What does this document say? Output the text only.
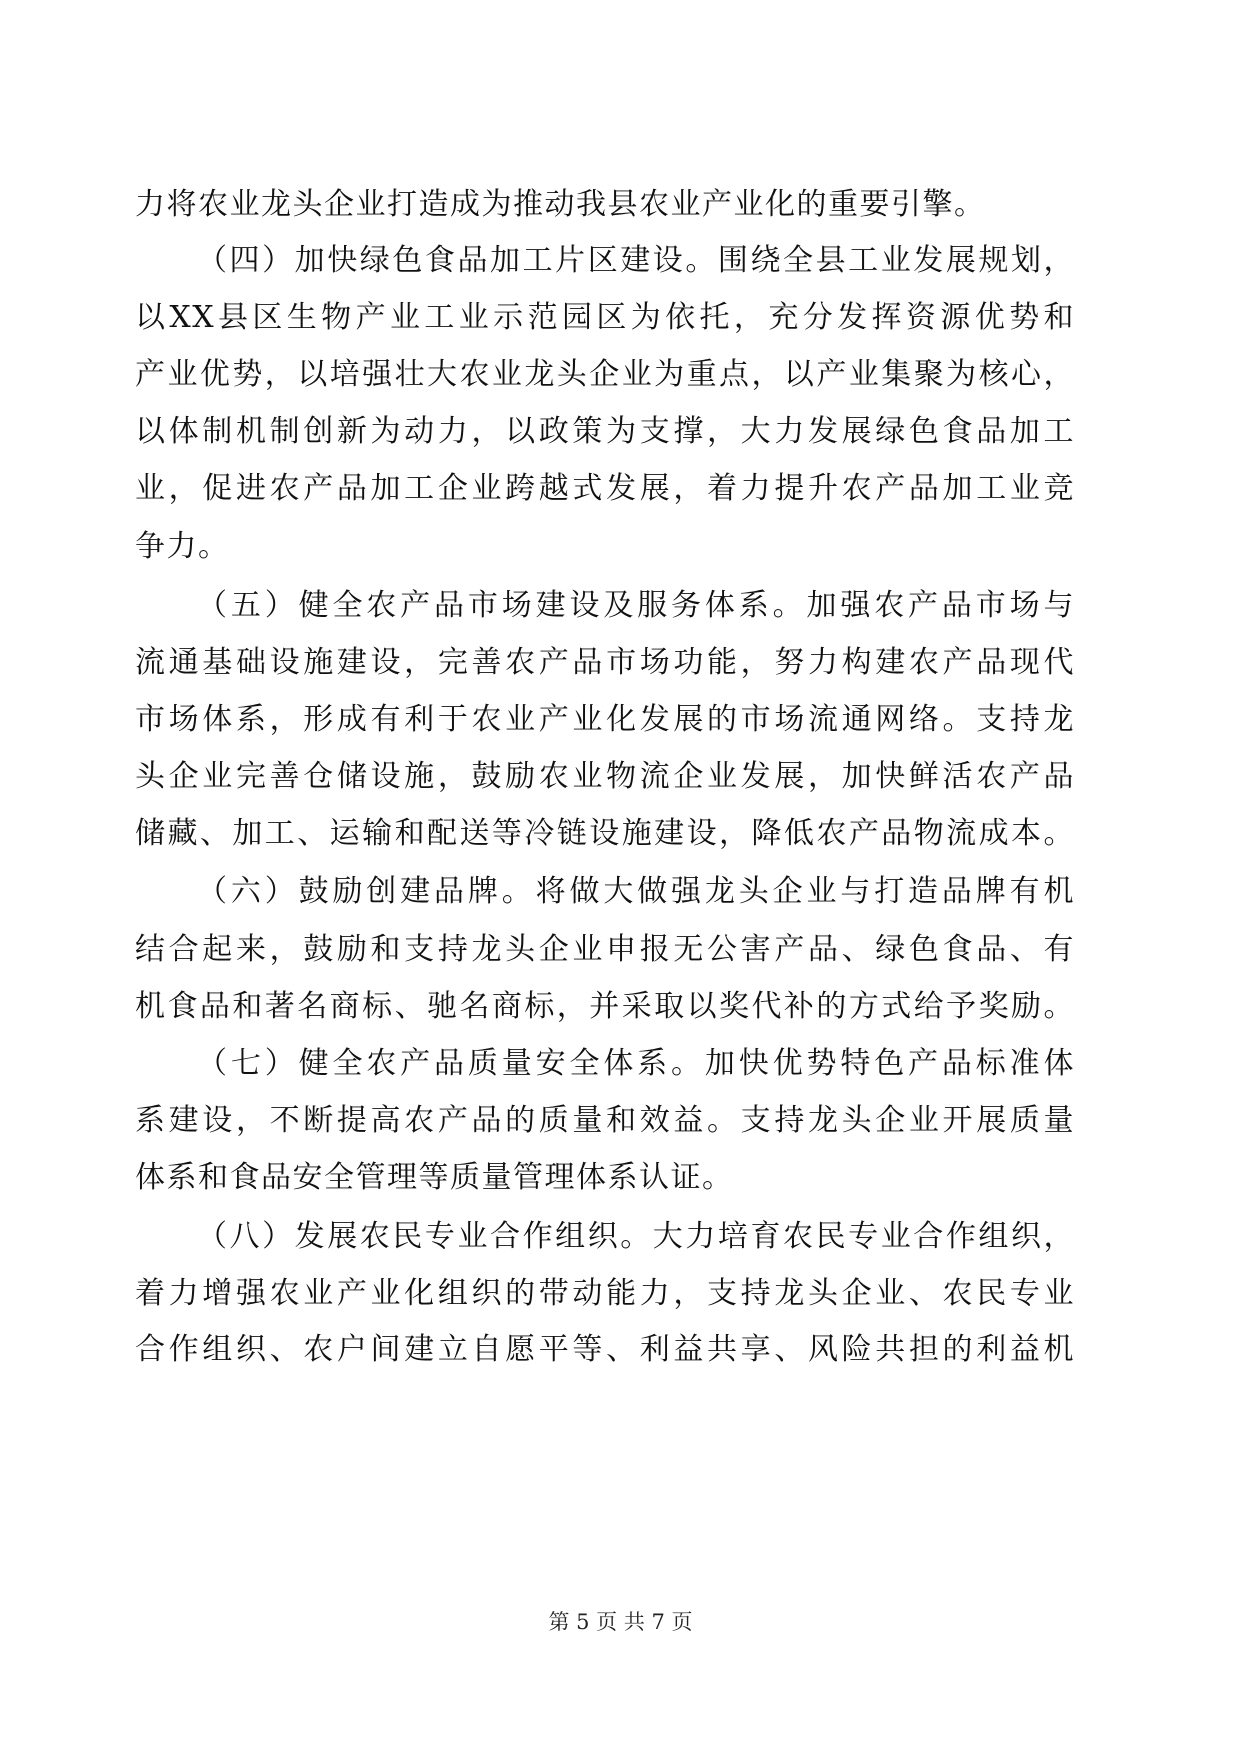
力将农业龙头企业打造成为推动我县农业产业化的重要引擎。
（四）加快绿色食品加工片区建设。围绕全县工业发展规划，
以XX县区生物产业工业示范园区为依托，充分发挥资源优势和
产业优势，以培强壮大农业龙头企业为重点，以产业集聚为核心，
以体制机制创新为动力，以政策为支撑，大力发展绿色食品加工
业，促进农产品加工企业跨越式发展，着力提升农产品加工业竞
争力。
（五）健全农产品市场建设及服务体系。加强农产品市场与
流通基础设施建设，完善农产品市场功能，努力构建农产品现代
市场体系，形成有利于农业产业化发展的市场流通网络。支持龙
头企业完善仓储设施，鼓励农业物流企业发展，加快鲜活农产品
储藏、加工、运输和配送等冷链设施建设，降低农产品物流成本。
（六）鼓励创建品牌。将做大做强龙头企业与打造品牌有机
结合起来，鼓励和支持龙头企业申报无公害产品、绿色食品、有
机食品和著名商标、驰名商标，并采取以奖代补的方式给予奖励。
（七）健全农产品质量安全体系。加快优势特色产品标准体
系建设，不断提高农产品的质量和效益。支持龙头企业开展质量
体系和食品安全管理等质量管理体系认证。
（八）发展农民专业合作组织。大力培育农民专业合作组织，
着力增强农业产业化组织的带动能力，支持龙头企业、农民专业
合作组织、农户间建立自愿平等、利益共享、风险共担的利益机
第 5 页 共 7 页
